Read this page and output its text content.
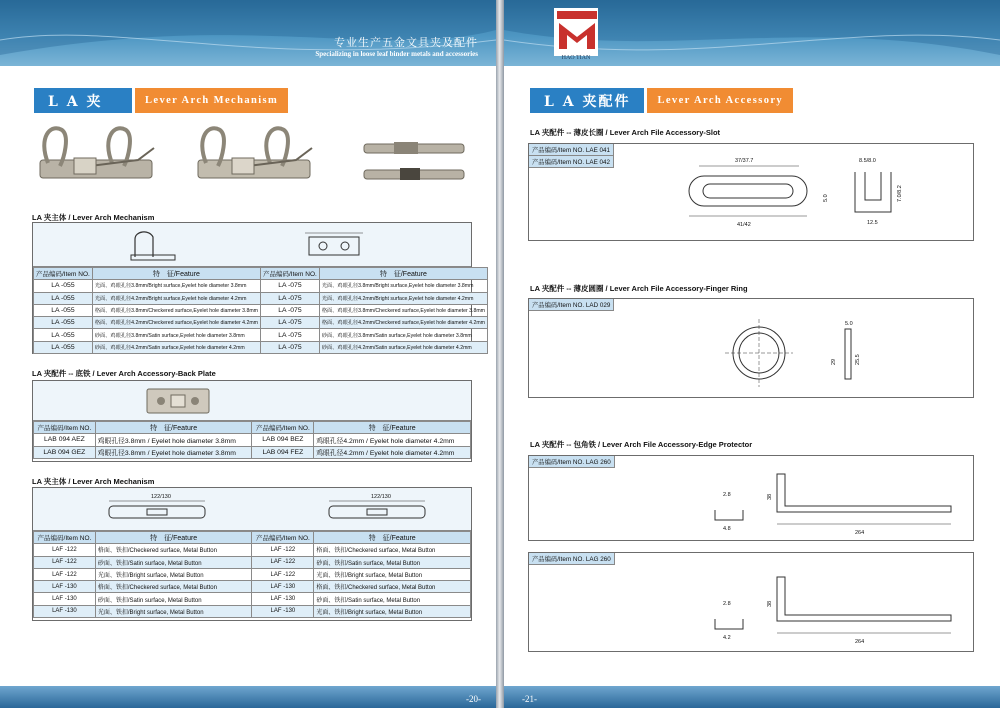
专业生产五金文具夹及配件
Specializing in loose leaf binder metals and accessories
L A 夹	Lever Arch Mechanism
LA 夹主体 / Lever Arch Mechanism
产品编码/Item NO.	特　征/Feature	产品编码/Item NO.	特　征/Feature
LA -055	光面、鸡眼孔径3.8mm/Bright surface,Eyelet hole diameter 3.8mm	LA -075	光面、鸡眼孔径3.8mm/Bright surface,Eyelet hole diameter 3.8mm
LA -055	光面、鸡眼孔径4.2mm/Bright surface,Eyelet hole diameter 4.2mm	LA -075	光面、鸡眼孔径4.2mm/Bright surface,Eyelet hole diameter 4.2mm
LA -055	格面、鸡眼孔径3.8mm/Checkered surface,Eyelet hole diameter 3.8mm	LA -075	格面、鸡眼孔径3.8mm/Checkered surface,Eyelet hole diameter 3.8mm
LA -055	格面、鸡眼孔径4.2mm/Checkered surface,Eyelet hole diameter 4.2mm	LA -075	格面、鸡眼孔径4.2mm/Checkered surface,Eyelet hole diameter 4.2mm
LA -055	砂面、鸡眼孔径3.8mm/Satin surface,Eyelet hole diameter 3.8mm	LA -075	砂面、鸡眼孔径3.8mm/Satin surface,Eyelet hole diameter 3.8mm
LA -055	砂面、鸡眼孔径4.2mm/Satin surface,Eyelet hole diameter 4.2mm	LA -075	砂面、鸡眼孔径4.2mm/Satin surface,Eyelet hole diameter 4.2mm
LA 夹配件 -- 底铁 / Lever Arch Accessory-Back Plate
产品编码/Item NO.	特　征/Feature	产品编码/Item NO.	特　征/Feature
LAB 094 AEZ	鸡眼孔径3.8mm / Eyelet hole diameter 3.8mm	LAB 094 BEZ	鸡眼孔径4.2mm / Eyelet hole diameter 4.2mm
LAB 094 GEZ	鸡眼孔径3.8mm / Eyelet hole diameter 3.8mm	LAB 094 FEZ	鸡眼孔径4.2mm / Eyelet hole diameter 4.2mm
LA 夹主体 / Lever Arch Mechanism
122/130	122/130
产品编码/Item NO.	特　征/Feature	产品编码/Item NO.	特　征/Feature
LAF -122	格面、铁扣/Checkered surface, Metal Button	LAF -122	格面、铁扣/Checkered surface, Metal Button
LAF -122	砂面、铁扣/Satin surface, Metal Button	LAF -122	砂面、铁扣/Satin surface, Metal Button
LAF -122	光面、铁扣/Bright surface, Metal Button	LAF -122	光面、铁扣/Bright surface, Metal Button
LAF -130	格面、铁扣/Checkered surface, Metal Button	LAF -130	格面、铁扣/Checkered surface, Metal Button
LAF -130	砂面、铁扣/Satin surface, Metal Button	LAF -130	砂面、铁扣/Satin surface, Metal Button
LAF -130	光面、铁扣/Bright surface, Metal Button	LAF -130	光面、铁扣/Bright surface, Metal Button
-20-
HAO TIAN
L A 夹配件	Lever Arch Accessory
LA 夹配件 -- 薄皮长圈 / Lever Arch File Accessory-Slot
产品编码/Item NO. LAE 041
产品编码/Item NO. LAE 042	37/37.7
41/42
5.0
8.5/8.0
7.0/8.2
12.5
LA 夹配件 -- 薄皮圆圈 / Lever Arch File Accessory-Finger Ring
产品编码/Item NO. LAD 029
5.0
29	25.5
LA 夹配件 -- 包角铁 / Lever Arch File Accessory-Edge Protector
产品编码/Item NO. LAG 260
2.8
4.8
38
264
产品编码/Item NO. LAG 260
2.8
4.2
38
264
-21-
